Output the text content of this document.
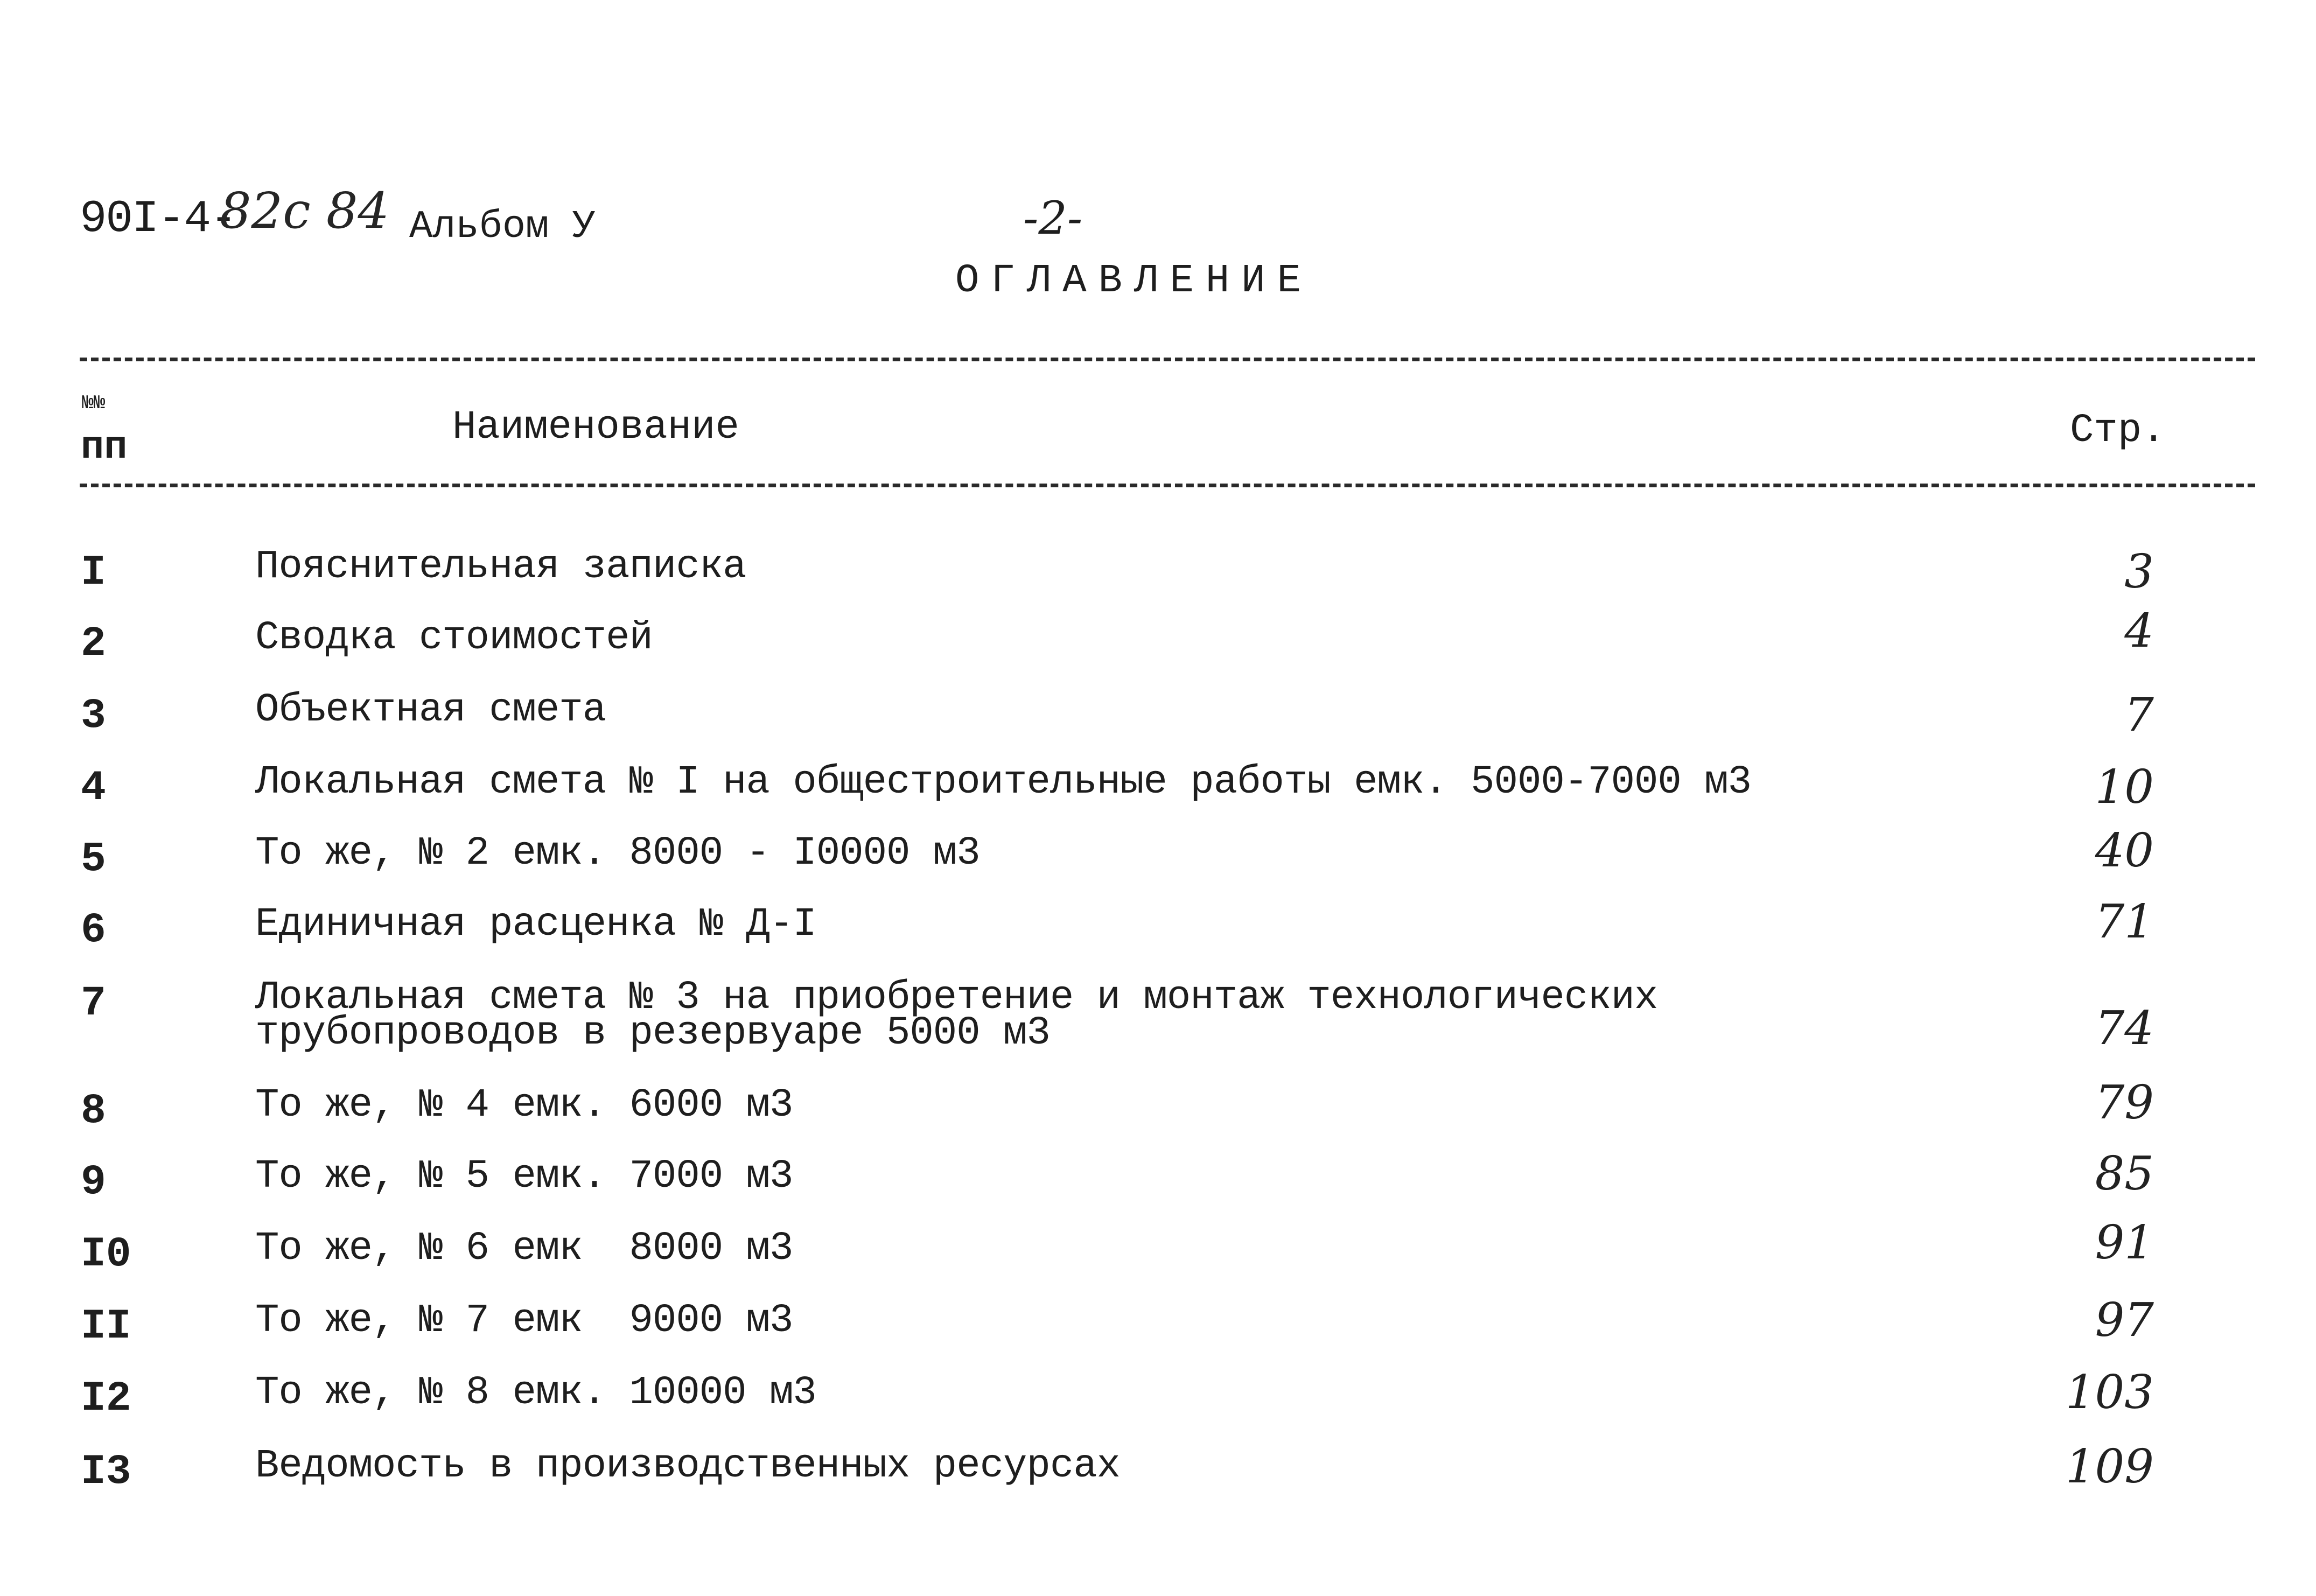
90I-4-
82с 84 Альбом У	-2-
ОГЛАВЛЕНИЕ
№№
пп	Наименование	Стр.
I	Пояснительная записка	3
2	Сводка стоимостей	4
3	Объектная смета	7
4	Локальная смета № I на общестроительные работы емк. 5000-7000 м3	10
5	То же, № 2 емк. 8000 - I0000 м3	40
6	Единичная расценка № Д-I	71
7	Локальная смета № 3 на приобретение и монтаж технологических
трубопроводов в резервуаре 5000 м3	74
8	То же, № 4 емк. 6000 м3	79
9	То же, № 5 емк. 7000 м3	85
I0	То же, № 6 емк  8000 м3	91
II	То же, № 7 емк  9000 м3	97
I2	То же, № 8 емк. 10000 м3	103
I3	Ведомость в производственных ресурсах	109
